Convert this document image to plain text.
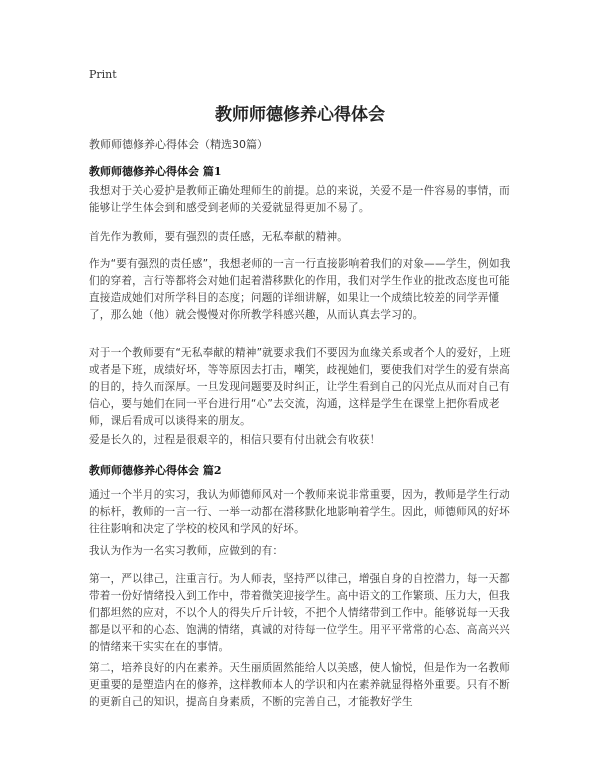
Print
教师师德修养心得体会

教师师德修养心得体会（精选30篇）

教师师德修养心得体会 篇1

我想对于关心爱护是教师正确处理师生的前提。总的来说，关爱不是一件容易的事情，而能够让学生体会到和感受到老师的关爱就显得更加不易了。

首先作为教师，要有强烈的责任感，无私奉献的精神。

作为“要有强烈的责任感”，我想老师的一言一行直接影响着我们的对象——学生，例如我们的穿着，言行等都将会对她们起着潜移默化的作用，我们对学生作业的批改态度也可能直接造成她们对所学科目的态度；问题的详细讲解，如果让一个成绩比较差的同学弄懂了，那么她（他）就会慢慢对你所教学科感兴趣，从而认真去学习的。

对于一个教师要有“无私奉献的精神”就要求我们不要因为血缘关系或者个人的爱好，上班或者是下班，成绩好坏，等等原因去打击，嘲笑，歧视她们，要使我们对学生的爱有崇高的目的，持久而深厚。一旦发现问题要及时纠正，让学生看到自己的闪光点从而对自己有信心，要与她们在同一平台进行用“心”去交流，沟通，这样是学生在课堂上把你看成老师，课后看成可以谈得来的朋友。

爱是长久的，过程是很艰辛的，相信只要有付出就会有收获！

教师师德修养心得体会 篇2

通过一个半月的实习，我认为师德师风对一个教师来说非常重要，因为，教师是学生行动的标杆，教师的一言一行、一举一动都在潜移默化地影响着学生。因此，师德师风的好坏往往影响和决定了学校的校风和学风的好坏。

我认为作为一名实习教师，应做到的有：

第一，严以律己，注重言行。为人师表，坚持严以律己，增强自身的自控潜力，每一天都带着一份好情绪投入到工作中，带着微笑迎接学生。高中语文的工作繁琐、压力大，但我们都坦然的应对，不以个人的得失斤斤计较，不把个人情绪带到工作中。能够说每一天我都是以平和的心态、饱满的情绪，真诚的对待每一位学生。用平平常常的心态、高高兴兴的情绪来干实实在在的事情。

第二，培养良好的内在素养。天生丽质固然能给人以美感，使人愉悦，但是作为一名教师更重要的是塑造内在的修养，这样教师本人的学识和内在素养就显得格外重要。只有不断的更新自己的知识，提高自身素质，不断的完善自己，才能教好学生
